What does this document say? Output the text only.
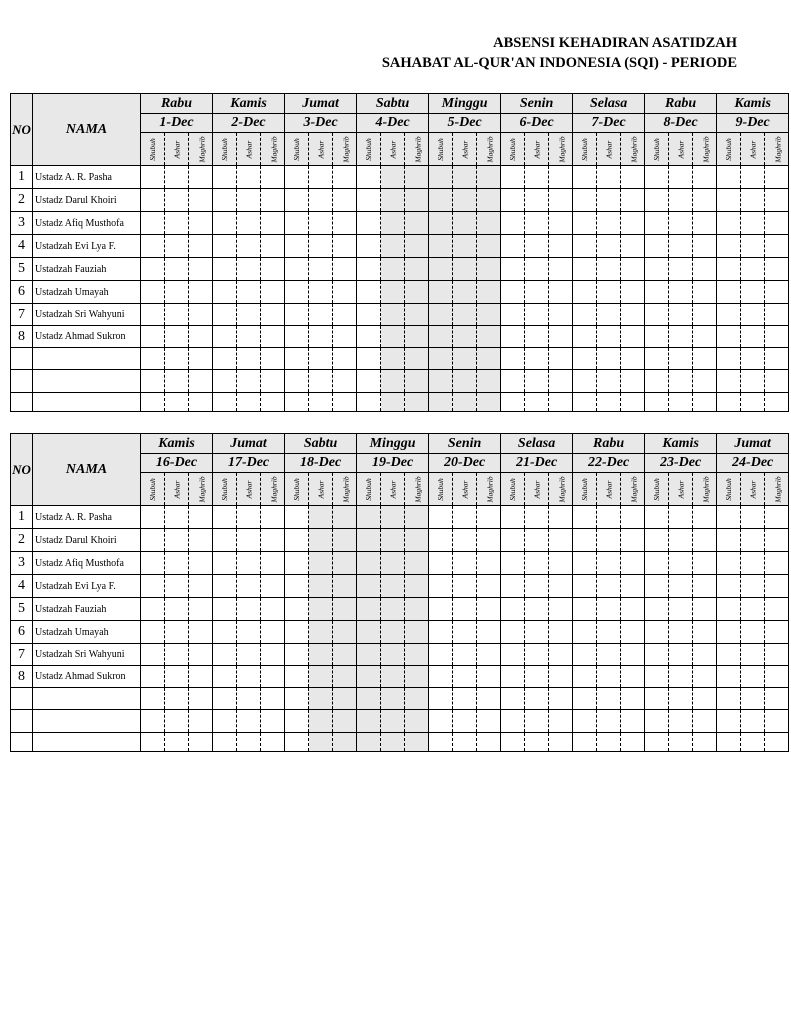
ABSENSI KEHADIRAN ASATIDZAH
SAHABAT AL-QUR'AN INDONESIA (SQI) - PERIODE
NO	NAMA	Rabu			Kamis			Jumat			Sabtu			Minggu			Senin			Selasa			Rabu			Kamis		
		1-Dec			2-Dec			3-Dec			4-Dec			5-Dec			6-Dec			7-Dec			8-Dec			9-Dec		
		Shubuh	Ashar	Maghrib	Shubuh	Ashar	Maghrib	Shubuh	Ashar	Maghrib	Shubuh	Ashar	Maghrib	Shubuh	Ashar	Maghrib	Shubuh	Ashar	Maghrib	Shubuh	Ashar	Maghrib	Shubuh	Ashar	Maghrib	Shubuh	Ashar	Maghrib
1	Ustadz A. R. Pasha																											
2	Ustadz Darul Khoiri																											
3	Ustadz Afiq Musthofa																											
4	Ustadzah Evi Lya F.																											
5	Ustadzah Fauziah																											
6	Ustadzah Umayah																											
7	Ustadzah Sri Wahyuni																											
8	Ustadz Ahmad Sukron																											

NO	NAMA	Kamis			Jumat			Sabtu			Minggu			Senin			Selasa			Rabu			Kamis			Jumat		
		16-Dec			17-Dec			18-Dec			19-Dec			20-Dec			21-Dec			22-Dec			23-Dec			24-Dec		
		Shubuh	Ashar	Maghrib	Shubuh	Ashar	Maghrib	Shubuh	Ashar	Maghrib	Shubuh	Ashar	Maghrib	Shubuh	Ashar	Maghrib	Shubuh	Ashar	Maghrib	Shubuh	Ashar	Maghrib	Shubuh	Ashar	Maghrib	Shubuh	Ashar	Maghrib
1	Ustadz A. R. Pasha																											
2	Ustadz Darul Khoiri																											
3	Ustadz Afiq Musthofa																											
4	Ustadzah Evi Lya F.																											
5	Ustadzah Fauziah																											
6	Ustadzah Umayah																											
7	Ustadzah Sri Wahyuni																											
8	Ustadz Ahmad Sukron																											
